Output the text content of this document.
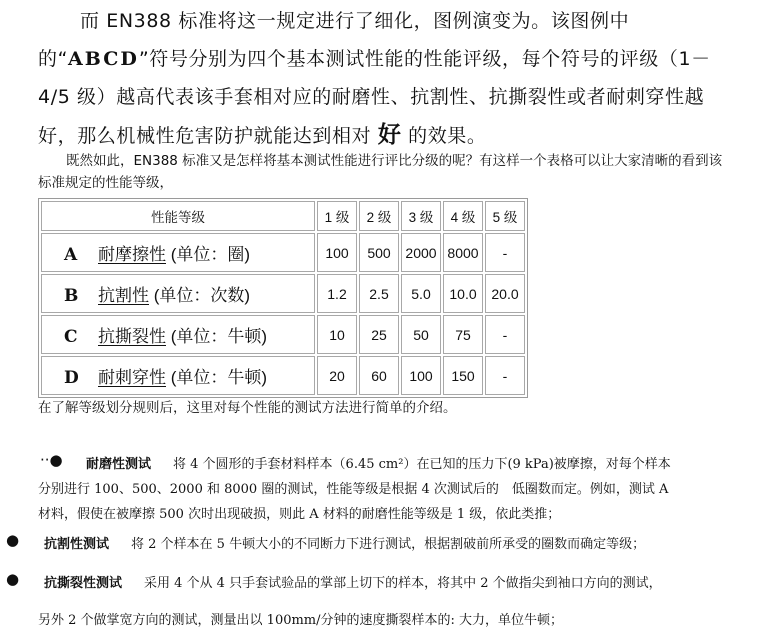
而 EN388 标准将这一规定进行了细化，图例演变为。该图例中的“ABCD”符号分别为四个基本测试性能的性能评级，每个符号的评级（1－4/5 级）越高代表该手套相对应的耐磨性、抗割性、抗撕裂性或者耐刺穿性越好，那么机械性危害防护就能达到相对 好 的效果。
既然如此，EN388 标准又是怎样将基本测试性能进行评比分级的呢？有这样一个表格可以让大家清晰的看到该标准规定的性能等级，
性能等级	1 级	2 级	3 级	4 级	5 级
A 耐摩擦性 (单位：圈)	100	500	2000	8000	-
B 抗割性 (单位：次数)	1.2	2.5	5.0	10.0	20.0
C 抗撕裂性 (单位：牛顿)	10	25	50	75	-
D 耐刺穿性 (单位：牛顿)	20	60	100	150	-
在了解等级划分规则后，这里对每个性能的测试方法进行简单的介绍。
··● 耐磨性测试 将 4 个圆形的手套材料样本（6.45 cm²）在已知的压力下(9 kPa)被摩擦，对每个样本
分别进行 100、500、2000 和 8000 圈的测试，性能等级是根据 4 次测试后的　低圈数而定。例如，测试 A
材料，假使在被摩擦 500 次时出现破损，则此 A 材料的耐磨性能等级是 1 级，依此类推；
● 抗割性测试 将 2 个样本在 5 牛顿大小的不同断力下进行测试，根据割破前所承受的圈数而确定等级；
● 抗撕裂性测试 采用 4 个从 4 只手套试验品的掌部上切下的样本，将其中 2 个做指尖到袖口方向的测试，
另外 2 个做掌宽方向的测试，测量出以 100mm/分钟的速度撕裂样本的: 大力，单位牛顿；
